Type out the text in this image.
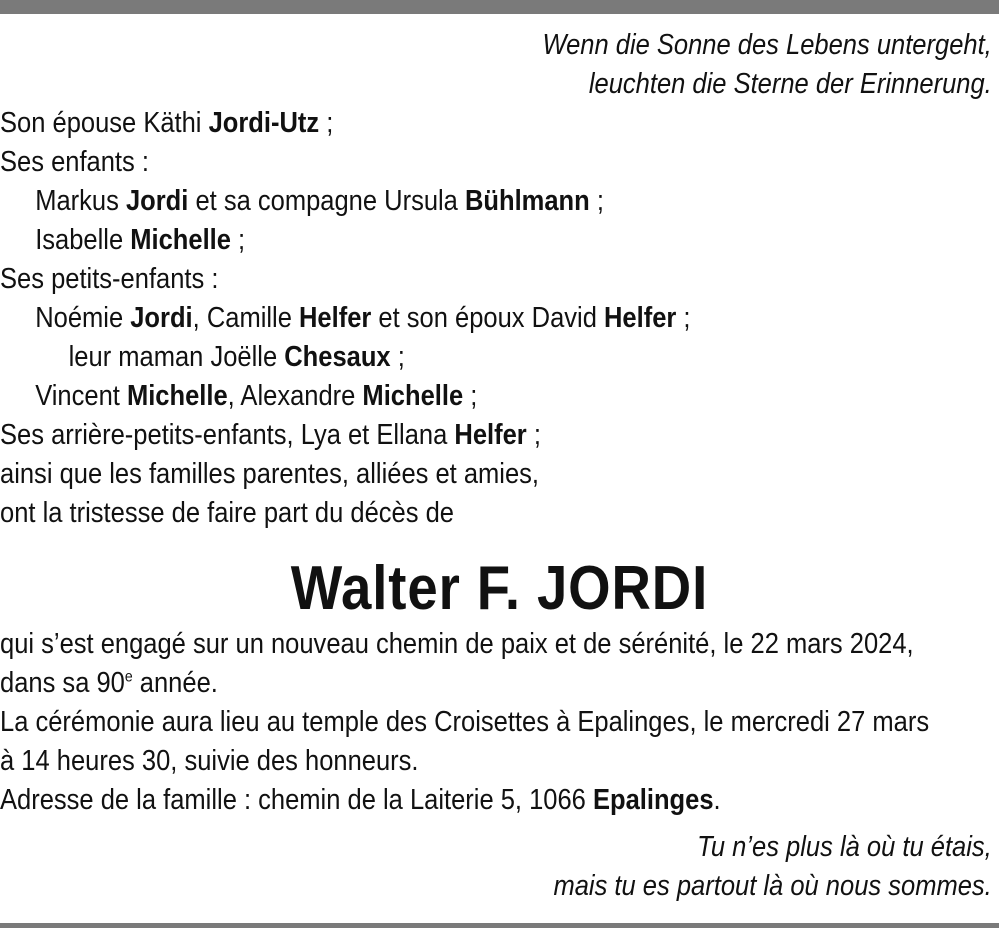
Wenn die Sonne des Lebens untergeht,
leuchten die Sterne der Erinnerung.
Son épouse Käthi Jordi-Utz ;
Ses enfants :
Markus Jordi et sa compagne Ursula Bühlmann ;
Isabelle Michelle ;
Ses petits-enfants :
Noémie Jordi, Camille Helfer et son époux David Helfer ;
leur maman Joëlle Chesaux ;
Vincent Michelle, Alexandre Michelle ;
Ses arrière-petits-enfants, Lya et Ellana Helfer ;
ainsi que les familles parentes, alliées et amies,
ont la tristesse de faire part du décès de
Walter F. JORDI
qui s’est engagé sur un nouveau chemin de paix et de sérénité, le 22 mars 2024,
dans sa 90e année.
La cérémonie aura lieu au temple des Croisettes à Epalinges, le mercredi 27 mars
à 14 heures 30, suivie des honneurs.
Adresse de la famille : chemin de la Laiterie 5, 1066 Epalinges.
Tu n’es plus là où tu étais,
mais tu es partout là où nous sommes.
